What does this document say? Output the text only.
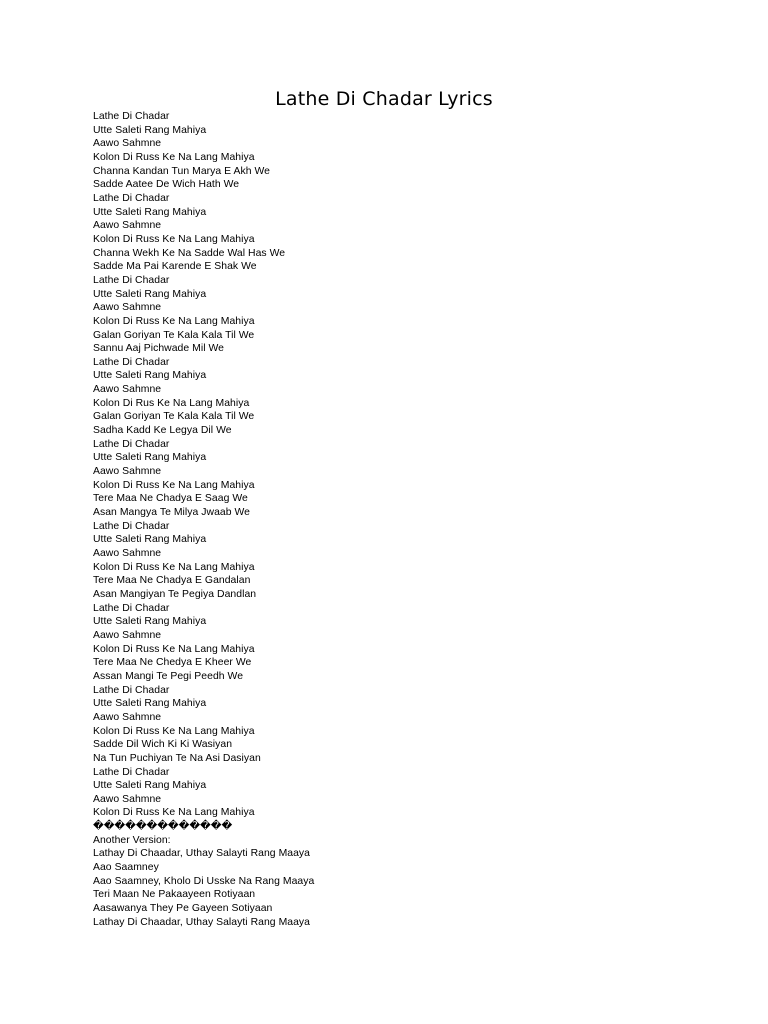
Lathe Di Chadar Lyrics
Lathe Di Chadar
Utte Saleti Rang Mahiya
Aawo Sahmne
Kolon Di Russ Ke Na Lang Mahiya
Channa Kandan Tun Marya E Akh We
Sadde Aatee De Wich Hath We
Lathe Di Chadar
Utte Saleti Rang Mahiya
Aawo Sahmne
Kolon Di Russ Ke Na Lang Mahiya
Channa Wekh Ke Na Sadde Wal Has We
Sadde Ma Pai Karende E Shak We
Lathe Di Chadar
Utte Saleti Rang Mahiya
Aawo Sahmne
Kolon Di Russ Ke Na Lang Mahiya
Galan Goriyan Te Kala Kala Til We
Sannu Aaj Pichwade Mil We
Lathe Di Chadar
Utte Saleti Rang Mahiya
Aawo Sahmne
Kolon Di Rus Ke Na Lang Mahiya
Galan Goriyan Te Kala Kala Til We
Sadha Kadd Ke Legya Dil We
Lathe Di Chadar
Utte Saleti Rang Mahiya
Aawo Sahmne
Kolon Di Russ Ke Na Lang Mahiya
Tere Maa Ne Chadya E Saag We
Asan Mangya Te Milya Jwaab We
Lathe Di Chadar
Utte Saleti Rang Mahiya
Aawo Sahmne
Kolon Di Russ Ke Na Lang Mahiya
Tere Maa Ne Chadya E Gandalan
Asan Mangiyan Te Pegiya Dandlan
Lathe Di Chadar
Utte Saleti Rang Mahiya
Aawo Sahmne
Kolon Di Russ Ke Na Lang Mahiya
Tere Maa Ne Chedya E Kheer We
Assan Mangi Te Pegi Peedh We
Lathe Di Chadar
Utte Saleti Rang Mahiya
Aawo Sahmne
Kolon Di Russ Ke Na Lang Mahiya
Sadde Dil Wich Ki Ki Wasiyan
Na Tun Puchiyan Te Na Asi Dasiyan
Lathe Di Chadar
Utte Saleti Rang Mahiya
Aawo Sahmne
Kolon Di Russ Ke Na Lang Mahiya
�������������
Another Version:
Lathay Di Chaadar, Uthay Salayti Rang Maaya
Aao Saamney
Aao Saamney, Kholo Di Usske Na Rang Maaya
Teri Maan Ne Pakaayeen Rotiyaan
Aasawanya They Pe Gayeen Sotiyaan
Lathay Di Chaadar, Uthay Salayti Rang Maaya
